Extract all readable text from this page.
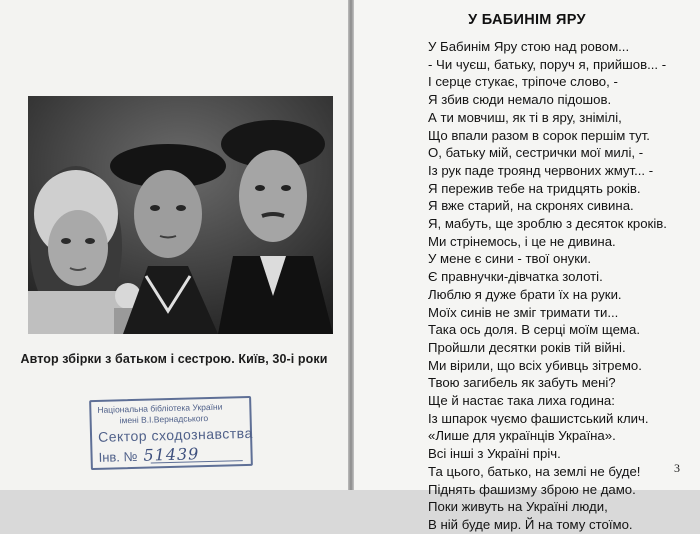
Автор збірки з батьком і сестрою. Київ, 30-і роки
Національна бібліотека України
імені В.І.Вернадського
Сектор сходознавства
Інв. № 51439
У БАБИНІМ ЯРУ
У Бабинім Яру стою над ровом...
- Чи чуєш, батьку, поруч я, прийшов... -
І серце стукає, тріпоче слово, -
Я збив сюди немало підошов.
А ти мовчиш, як ті в яру, знімілі,
Що впали разом в сорок першім тут.
О, батьку мій, сестрички мої милі, -
Із рук паде троянд червоних жмут... -
Я пережив тебе на тридцять років.
Я вже старий, на скронях сивина.
Я, мабуть, ще зроблю з десяток кроків.
Ми стрінемось, і це не дивина.
У мене є сини - твої онуки.
Є правнучки-дівчатка золоті.
Люблю я дуже брати їх на руки.
Моїх синів не зміг тримати ти...
Така ось доля. В серці моїм щема.
Пройшли десятки років тій війні.
Ми вірили, що всіх убивць зітремо.
Твою загибель як забуть мені?
Ще й настає така лиха година:
Із шпарок чуємо фашистський клич.
«Лише для українців Україна».
Всі інші з Україні пріч.
Та цього, батько, на землі не буде!
Піднять фашизму зброю не дамо.
Поки живуть на Україні люди,
В ній буде мир. Й на тому стоїмо.
3
